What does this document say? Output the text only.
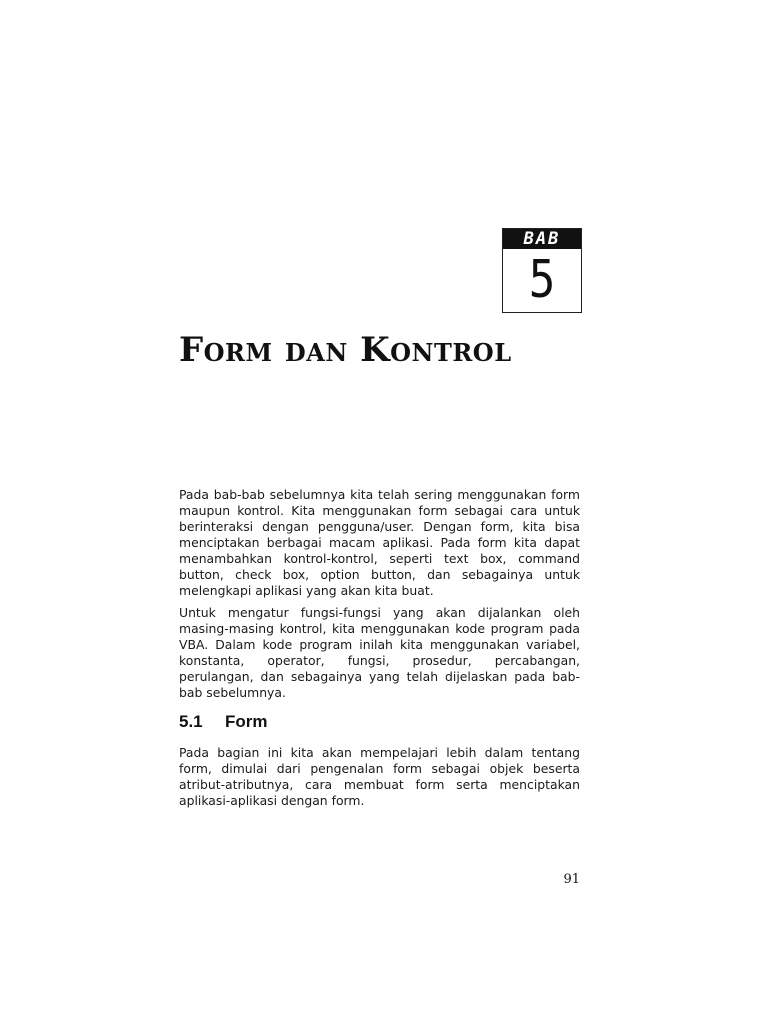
BAB
5
Form dan Kontrol

Pada bab-bab sebelumnya kita telah sering menggunakan form maupun kontrol. Kita menggunakan form sebagai cara untuk berinteraksi dengan pengguna/user. Dengan form, kita bisa menciptakan berbagai macam aplikasi. Pada form kita dapat menambahkan kontrol-kontrol, seperti text box, command button, check box, option button, dan sebagainya untuk melengkapi aplikasi yang akan kita buat.

Untuk mengatur fungsi-fungsi yang akan dijalankan oleh masing-masing kontrol, kita menggunakan kode program pada VBA. Dalam kode program inilah kita menggunakan variabel, konstanta, operator, fungsi, prosedur, percabangan, perulangan, dan sebagainya yang telah dijelaskan pada bab-bab sebelumnya.

5.1 Form

Pada bagian ini kita akan mempelajari lebih dalam tentang form, dimulai dari pengenalan form sebagai objek beserta atribut-atributnya, cara membuat form serta menciptakan aplikasi-aplikasi dengan form.

91
